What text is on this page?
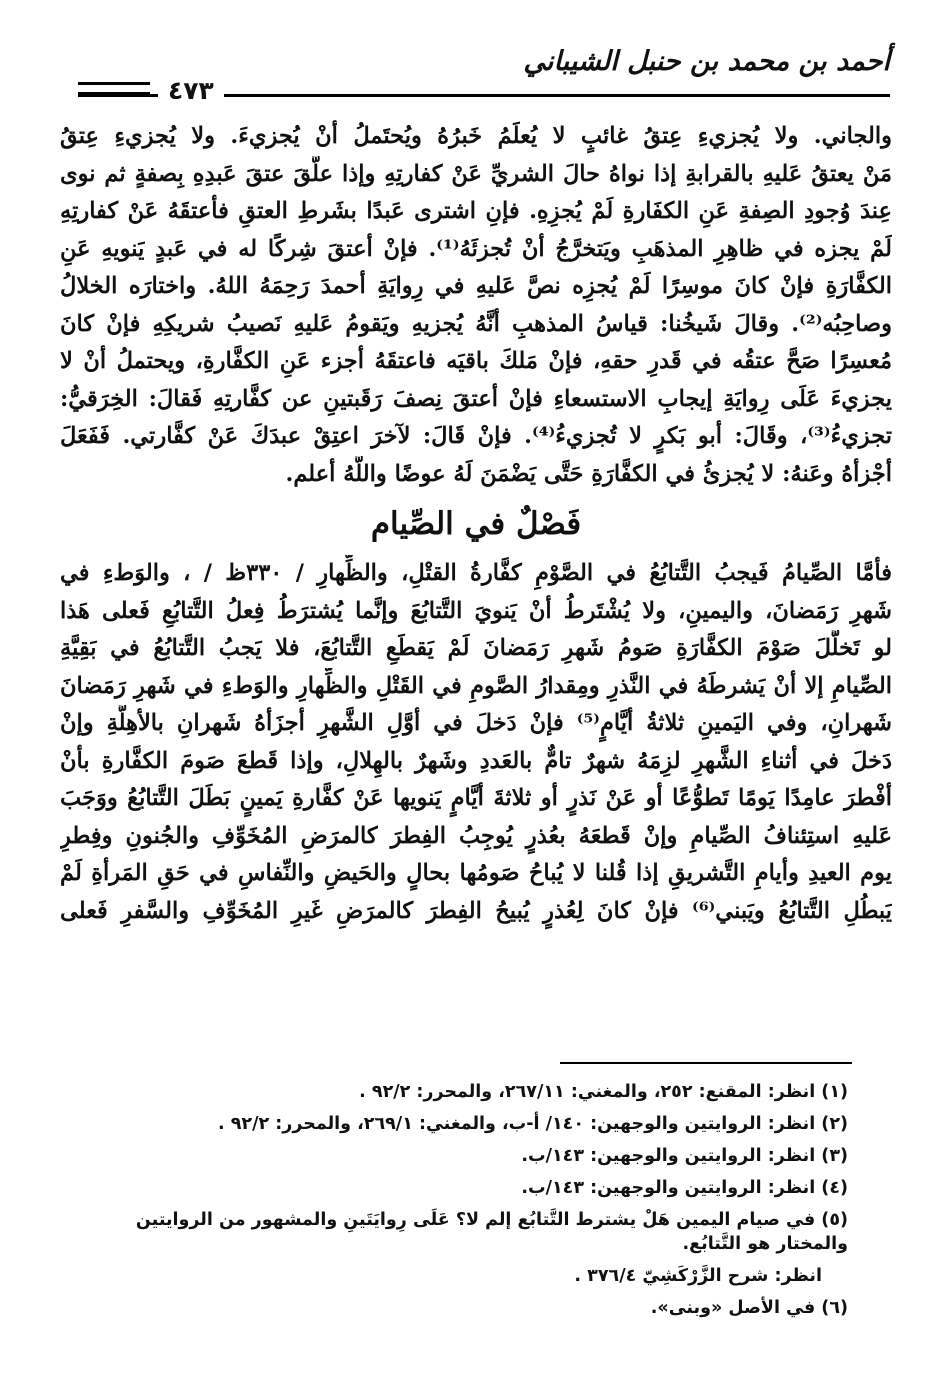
أحمد بن محمد بن حنبل الشيباني
٤٧٣
والجاني. ولا يُجزيءِ عِتقُ غائبٍ لا يُعلَمُ خَبرُهُ ويُحتَملُ أنْ يُجزيءَ. ولا يُجزيءِ عِتقُ
مَنْ يعتقُ عَليهِ بالقرابةِ إذا نواهُ حالَ الشريِّ عَنْ كفارتِهِ وإذا علَّقَ عتقَ عَبدِهِ بِصفةٍ ثم نوى
عِندَ وُجودِ الصِفةِ عَنِ الكفَارةِ لَمْ يُجزِهِ. فإنِ اشترى عَبدًا بشَرطِ العتقِ فأعتقَهُ عَنْ كفارتِهِ
لَمْ يجزه في ظاهِرِ المذهَبِ ويَتخرَّجُ أنْ تُجزئَهُ⁽¹⁾. فإنْ أعتقَ شِركًا له في عَبدٍ يَنويهِ عَنِ
الكفَّارَةِ فإنْ كانَ موسِرًا لَمْ يُجزِه نصَّ عَليهِ في رِوايَةِ أحمدَ رَحِمَهُ اللهُ. واختارَه الخلالُ
وصاحِبُه⁽²⁾. وقالَ شَيخُنا: قياسُ المذهبِ أنَّهُ يُجزيهِ ويَقومُ عَليهِ نَصيبُ شريكِهِ فإنْ كانَ
مُعسِرًا صَحَّ عتقُه في قَدرِ حقهِ، فإنْ مَلكَ باقيَه فاعتقَهُ أجزء عَنِ الكفَّارةِ، ويحتملُ أنْ لا
يجزيءَ عَلَى رِوايَةِ إيجابِ الاستسعاءِ فإنْ أعتقَ نِصفَ رَقَبتينِ عن كفَّارتِهِ فَقالَ: الخِرَقيُّ:
تجزيءُ⁽³⁾، وقَالَ: أبو بَكرٍ لا تُجزيءُ⁽⁴⁾. فإنْ قَالَ: لآخرَ اعتِقْ عبدَكَ عَنْ كفَّارتي. فَفَعَلَ
أجْزأهُ وعَنهُ: لا يُجزئُ في الكفَّارَةِ حَتَّى يَضْمَنَ لَهُ عوضًا واللَّهُ أعلم.
فَصْلٌ في الصِّيام
فأمَّا الصِّيامُ فَيجبُ التَّتابُعُ في الصَّوْمِ كفَّارةُ القتْلِ، والظِّهارِ / ٣٣٠ظ / ، والوَطءِ في
شَهرِ رَمَضانَ، واليمينِ، ولا يُشْتَرطُ أنْ يَنويَ التَّتابُعَ وإنَّما يُشترَطُ فِعلُ التَّتابُعِ فَعلى هَذا
لو تَخلَّلَ صَوْمَ الكفَّارَةِ صَومُ شَهرِ رَمَضانَ لَمْ يَقطَعِ التَّتابُعَ، فلا يَجبُ التَّتابُعُ في بَقِيَّةِ
الصِّيامِ إلا أنْ يَشرطَهُ في النَّذرِ ومِقدارُ الصَّومِ في القَتْلِ والظِّهارِ والوَطءِ في شَهرِ رَمَضانَ
شَهرانِ، وفي اليَمينِ ثلاثةُ أيَّامٍ⁽⁵⁾ فإنْ دَخلَ في أوَّلِ الشَّهرِ أجزَأهُ شَهرانِ بالأهِلَّةِ وإنْ
دَخلَ في أثناءِ الشَّهرِ لزِمَهُ شهرٌ تامٌّ بالعَددِ وشَهرٌ بالهِلالِ، وإذا قَطعَ صَومَ الكفَّارةِ بأنْ
أفْطرَ عامِدًا يَومًا تَطوُّعًا أو عَنْ نَذرٍ أو ثلاثةَ أيَّامٍ يَنويها عَنْ كفَّارةِ يَمينٍ بَطَلَ التَّتابُعُ ووَجَبَ
عَليهِ استِئنافُ الصِّيامِ وإنْ قَطعَهُ بعُذرٍ يُوجِبُ الفِطرَ كالمرَضِ المُخَوِّفِ والجُنونِ وفِطرِ
يوم العيدِ وأيامِ التَّشريقِ إذا قُلنا لا يُباحُ صَومُها بحالٍ والحَيضِ والنِّفاسِ في حَقِ المَرأةِ لَمْ
يَبطُلِ التَّتابُعُ ويَبني⁽⁶⁾ فإنْ كانَ لِعُذرٍ يُبيحُ الفِطرَ كالمرَضِ غَيرِ المُخَوِّفِ والسَّفرِ فَعلى
(١) انظر: المقنع: ٢٥٢، والمغني: ٢٦٧/١١، والمحرر: ٩٢/٢ .
(٢) انظر: الروايتين والوجهين: ١٤٠/ أ-ب، والمغني: ٢٦٩/١، والمحرر: ٩٢/٢ .
(٣) انظر: الروايتين والوجهين: ١٤٣/ب.
(٤) انظر: الروايتين والوجهين: ١٤٣/ب.
(٥) في صيام اليمين هَلْ يشترط التَّتابُع إلم لا؟ عَلَى رِوايَتَينِ والمشهور من الروايتين والمختار هو التَّتابُع.
انظر: شرح الزَّرْكَشِيّ ٣٧٦/٤ .
(٦) في الأصل «وبنى».
